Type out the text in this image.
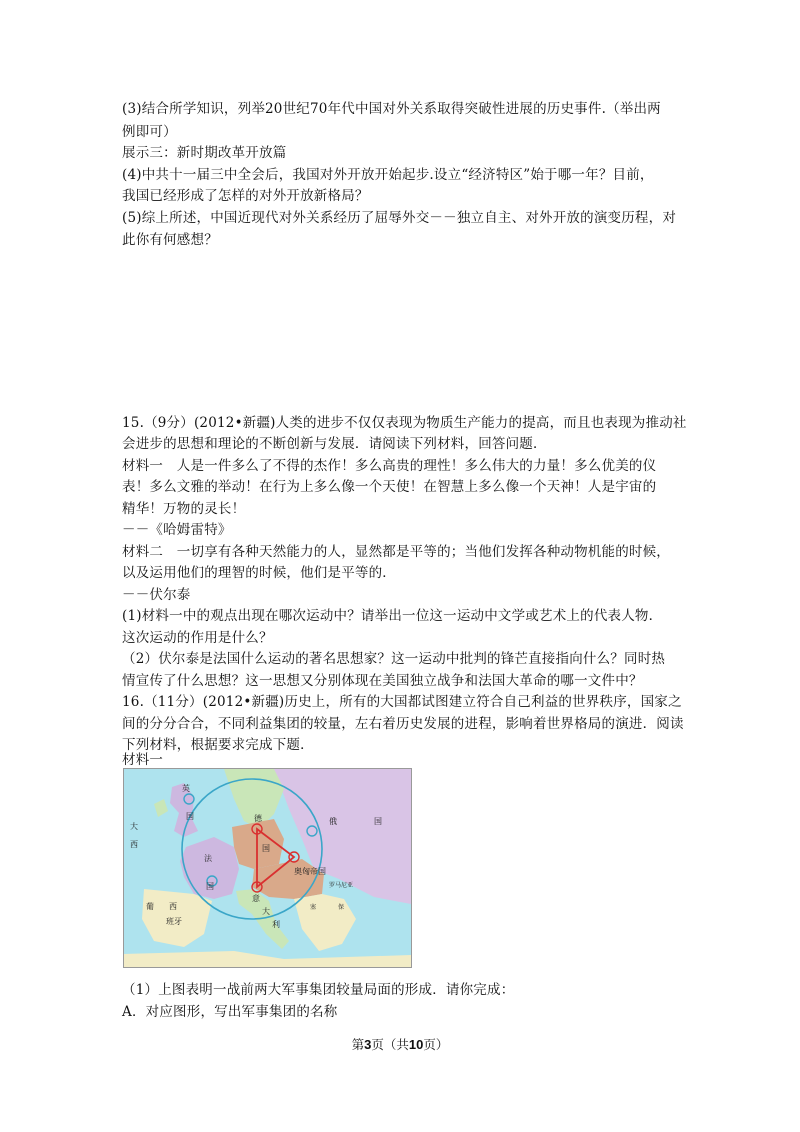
(3)结合所学知识，列举20世纪70年代中国对外关系取得突破性进展的历史事件.（举出两
例即可）
展示三：新时期改革开放篇
(4)中共十一届三中全会后，我国对外开放开始起步.设立“经济特区”始于哪一年？目前，
我国已经形成了怎样的对外开放新格局？
(5)综上所述，中国近现代对外关系经历了屈辱外交－－独立自主、对外开放的演变历程，对
此你有何感想？
15.（9分）(2012•新疆)人类的进步不仅仅表现为物质生产能力的提高，而且也表现为推动社
会进步的思想和理论的不断创新与发展．请阅读下列材料，回答问题．
材料一　人是一件多么了不得的杰作！多么高贵的理性！多么伟大的力量！多么优美的仪
表！多么文雅的举动！在行为上多么像一个天使！在智慧上多么像一个天神！人是宇宙的
精华！万物的灵长！
－－《哈姆雷特》
材料二　一切享有各种天然能力的人，显然都是平等的；当他们发挥各种动物机能的时候，
以及运用他们的理智的时候，他们是平等的．
－－伏尔泰
(1)材料一中的观点出现在哪次运动中？请举出一位这一运动中文学或艺术上的代表人物．
这次运动的作用是什么？
（2）伏尔泰是法国什么运动的著名思想家？这一运动中批判的锋芒直接指向什么？同时热
情宣传了什么思想？这一思想又分别体现在美国独立战争和法国大革命的哪一文件中？
16.（11分）(2012•新疆)历史上，所有的大国都试图建立符合自己利益的世界秩序，国家之
间的分分合合，不同利益集团的较量，左右着历史发展的进程，影响着世界格局的演进．阅读
下列材料，根据要求完成下题．
材料一
英
国
法
国
德
国
俄	国
奥匈帝国
意
大
利
葡 西
班牙
罗马尼亚
塞	保
大
西
（1）上图表明一战前两大军事集团较量局面的形成．请你完成：
A．对应图形，写出军事集团的名称
第3页（共10页）
